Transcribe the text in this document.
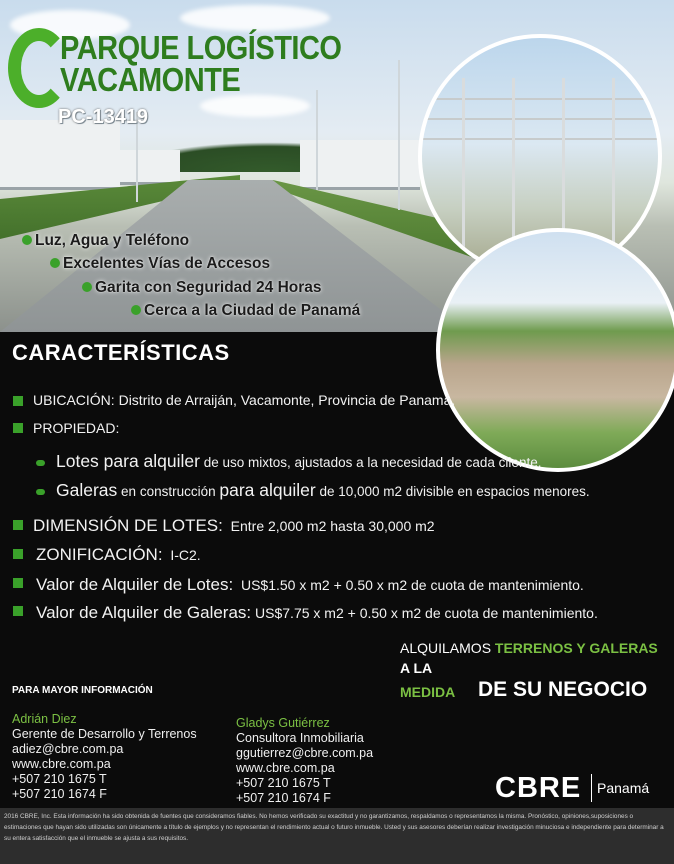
PARQUE LOGÍSTICO
VACAMONTE
PC-13419
Luz, Agua y Teléfono
Excelentes Vías de Accesos
Garita con Seguridad 24 Horas
Cerca a la Ciudad de Panamá
CARACTERÍSTICAS
UBICACIÓN: Distrito de Arraiján, Vacamonte, Provincia de Panamá.
PROPIEDAD:
Lotes para alquiler de uso mixtos, ajustados a la necesidad de cada cliente.
Galeras en construcción para alquiler de 10,000 m2 divisible en espacios menores.
DIMENSIÓN DE LOTES: Entre 2,000 m2 hasta 30,000 m2
ZONIFICACIÓN: I-C2.
Valor de Alquiler de Lotes: US$1.50 x m2 + 0.50 x m2 de cuota de mantenimiento.
Valor de Alquiler de Galeras: US$7.75 x m2 + 0.50 x m2 de cuota de mantenimiento.
ALQUILAMOS TERRENOS Y GALERAS
A LA
MEDIDA DE SU NEGOCIO
PARA MAYOR INFORMACIÓN
Adrián Diez
Gerente de Desarrollo y Terrenos
adiez@cbre.com.pa
www.cbre.com.pa
+507 210 1675 T
+507 210 1674 F
Gladys Gutiérrez
Consultora Inmobiliaria
ggutierrez@cbre.com.pa
www.cbre.com.pa
+507 210 1675 T
+507 210 1674 F	CBRE Panamá
2016 CBRE, Inc. Esta información ha sido obtenida de fuentes que consideramos fiables. No hemos verificado su exactitud y no garantizamos, respaldamos o representamos la misma. Pronóstico, opiniones,suposiciones o estimaciones que hayan sido utilizadas son únicamente a título de ejemplos y no representan el rendimiento actual o futuro inmueble. Usted y sus asesores deberían realizar investigación minuciosa e independiente para determinar a su entera satisfacción que el inmueble se ajusta a sus requisitos.
